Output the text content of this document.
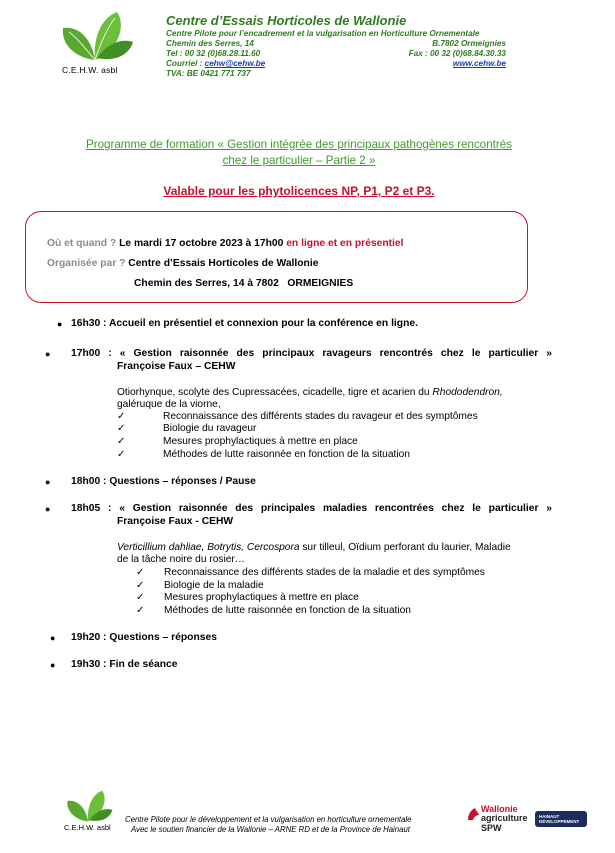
C.E.H.W. asbl
Centre d’Essais Horticoles de Wallonie
Centre Pilote pour l’encadrement et la vulgarisation en Horticulture Ornementale
Chemin des Serres, 14	B.7802 Ormeignies
Tel : 00 32 (0)68.28.11.60	Fax : 00 32 (0)68.84.30.33
Courriel : cehw@cehw.be	www.cehw.be
TVA: BE 0421 771 737
Programme de formation « Gestion intégrée des principaux pathogènes rencontrés
chez le particulier – Partie 2 »
Valable pour les phytolicences NP, P1, P2 et P3.
Où et quand ? Le mardi 17 octobre 2023 à 17h00 en ligne et en présentiel
Organisée par ? Centre d’Essais Horticoles de Wallonie
Chemin des Serres, 14 à 7802   ORMEIGNIES
● 16h30 : Accueil en présentiel et connexion pour la conférence en ligne.
● 17h00 : « Gestion raisonnée des principaux ravageurs rencontrés chez le particulier »
Françoise Faux – CEHW
Otiorhynque, scolyte des Cupressacées, cicadelle, tigre et acarien du Rhododendron,
galéruque de la viorne,
✓	Reconnaissance des différents stades du ravageur et des symptômes
✓	Biologie du ravageur
✓	Mesures prophylactiques à mettre en place
✓	Méthodes de lutte raisonnée en fonction de la situation
● 18h00 : Questions – réponses / Pause
● 18h05 : « Gestion raisonnée des principales maladies rencontrées chez le particulier »
Françoise Faux - CEHW
Verticillium dahliae, Botrytis, Cercospora sur tilleul, Oïdium perforant du laurier, Maladie
de la tâche noire du rosier…
✓ Reconnaissance des différents stades de la maladie et des symptômes
✓ Biologie de la maladie
✓ Mesures prophylactiques à mettre en place
✓ Méthodes de lutte raisonnée en fonction de la situation
● 19h20 : Questions – réponses
● 19h30 : Fin de séance
C.E.H.W. asbl
Centre Pilote pour le développement et la vulgarisation en horticulture ornementale
Avec le soutien financier de la Wallonie – ARNE RD et de la Province de Hainaut
Wallonie
agriculture
SPW
HAINAUT DÉVELOPPEMENT
